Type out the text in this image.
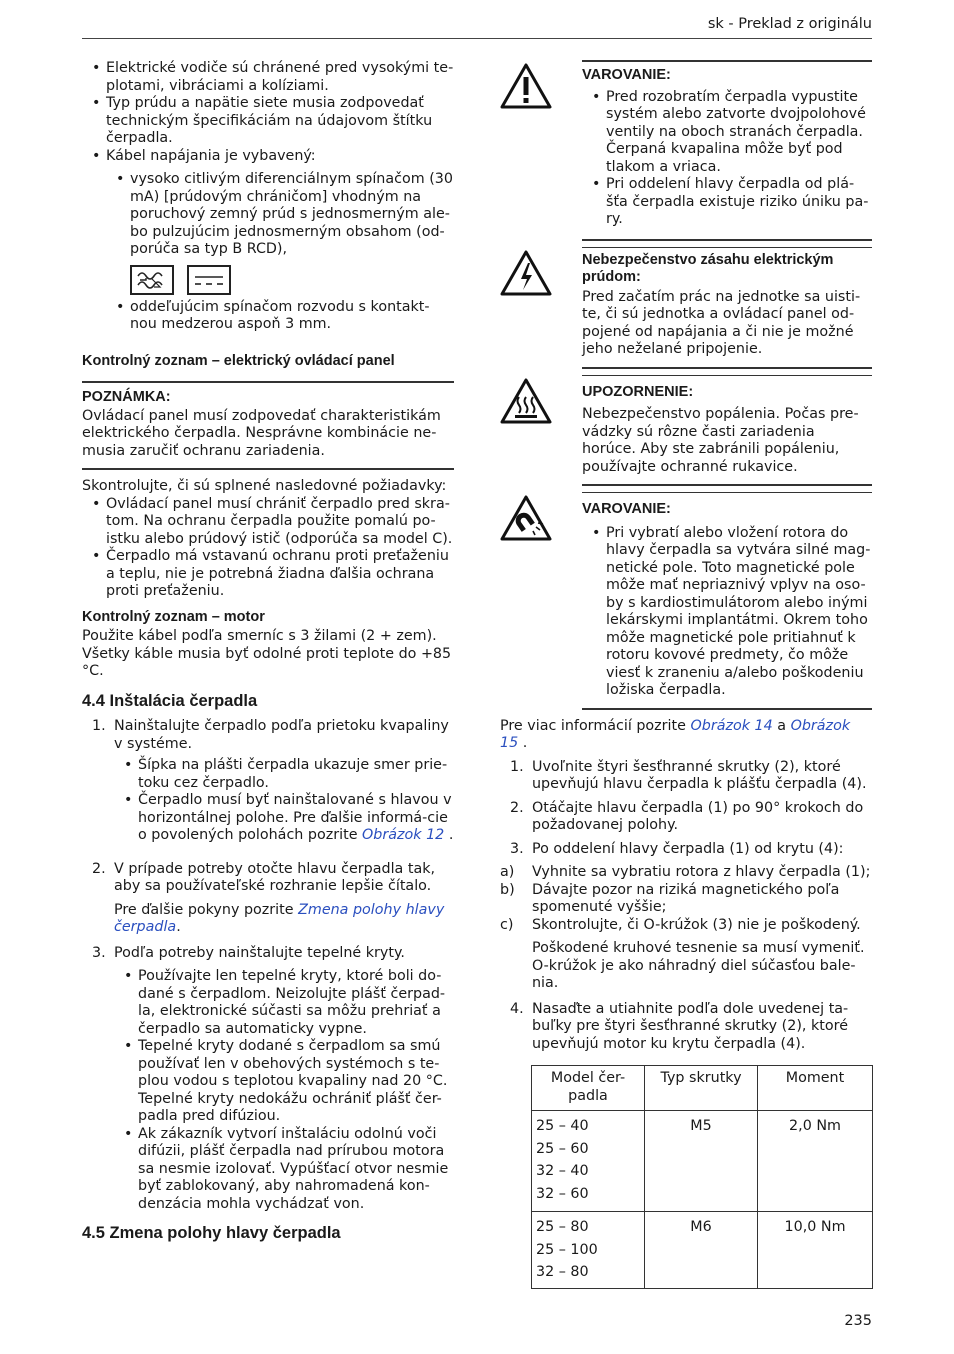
sk - Preklad z originálu
• Elektrické vodiče sú chránené pred vysokými te-plotami, vibráciami a kolíziami.
• Typ prúdu a napätie siete musia zodpovedať technickým špecifikáciám na údajovom štítku čerpadla.
• Kábel napájania je vybavený:
• vysoko citlivým diferenciálnym spínačom (30 mA) [prúdovým chráničom] vhodným na poruchový zemný prúd s jednosmerným ale-bo pulzujúcim jednosmerným obsahom (od-porúča sa typ B RCD),

• oddeľujúcim spínačom rozvodu s kontakt-nou medzerou aspoň 3 mm.

Kontrolný zoznam – elektrický ovládací panel

POZNÁMKA:

Ovládací panel musí zodpovedať charakteristikám elektrického čerpadla. Nesprávne kombinácie ne-musia zaručiť ochranu zariadenia.

Skontrolujte, či sú splnené nasledovné požiadavky:

• Ovládací panel musí chrániť čerpadlo pred skra-tom. Na ochranu čerpadla použite pomalú po-istku alebo prúdový istič (odporúča sa model C).
• Čerpadlo má vstavanú ochranu proti preťaženiu a teplu, nie je potrebná žiadna ďalšia ochrana proti preťaženiu.

Kontrolný zoznam – motor

Použite kábel podľa smerníc s 3 žilami (2 + zem). Všetky káble musia byť odolné proti teplote do +85 °C.

4.4 Inštalácia čerpadla

1. Nainštalujte čerpadlo podľa prietoku kvapaliny v systéme.
• Šípka na plášti čerpadla ukazuje smer prie-toku cez čerpadlo.
• Čerpadlo musí byť nainštalované s hlavou v horizontálnej polohe. Pre ďalšie informá-cie o povolených polohách pozrite Obrázok 12 .
2. V prípade potreby otočte hlavu čerpadla tak, aby sa používateľské rozhranie lepšie čítalo.

Pre ďalšie pokyny pozrite Zmena polohy hlavy čerpadla.

3. Podľa potreby nainštalujte tepelné kryty.
• Používajte len tepelné kryty, ktoré boli do-dané s čerpadlom. Neizolujte plášť čerpad-la, elektronické súčasti sa môžu prehriať a čerpadlo sa automaticky vypne.
• Tepelné kryty dodané s čerpadlom sa smú používať len v obehových systémoch s te-plou vodou s teplotou kvapaliny nad 20 °C. Tepelné kryty nedokážu ochrániť plášť čer-padla pred difúziou.
• Ak zákazník vytvorí inštaláciu odolnú voči difúzii, plášť čerpadla nad prírubou motora sa nesmie izolovať. Vypúšťací otvor nesmie byť zablokovaný, aby nahromadená kon-denzácia mohla vychádzať von.

4.5 Zmena polohy hlavy čerpadla

VAROVANIE:

• Pred rozobratím čerpadla vypustite systém alebo zatvorte dvojpolohové ventily na oboch stranách čerpadla. Čerpaná kvapalina môže byť pod tlakom a vriaca.
• Pri oddelení hlavy čerpadla od plá-šťa čerpadla existuje riziko úniku pa-ry.

Nebezpečenstvo zásahu elektrickým prúdom:

Pred začatím prác na jednotke sa uisti-te, či sú jednotka a ovládací panel od-pojené od napájania a či nie je možné jeho neželané pripojenie.

UPOZORNENIE:

Nebezpečenstvo popálenia. Počas pre-vádzky sú rôzne časti zariadenia horúce. Aby ste zabránili popáleniu, používajte ochranné rukavice.

VAROVANIE:

• Pri vybratí alebo vložení rotora do hlavy čerpadla sa vytvára silné mag-netické pole. Toto magnetické pole môže mať nepriaznivý vplyv na oso-by s kardiostimulátorom alebo inými lekárskymi implantátmi. Okrem toho môže magnetické pole pritiahnuť k rotoru kovové predmety, čo môže viesť k zraneniu a/alebo poškodeniu ložiska čerpadla.

Pre viac informácií pozrite Obrázok 14 a Obrázok 15 .

1. Uvoľnite štyri šesťhranné skrutky (2), ktoré upevňujú hlavu čerpadla k plášťu čerpadla (4).
2. Otáčajte hlavu čerpadla (1) po 90° krokoch do požadovanej polohy.
3. Po oddelení hlavy čerpadla (1) od krytu (4):
a) Vyhnite sa vybratiu rotora z hlavy čerpadla (1);
b) Dávajte pozor na riziká magnetického poľa spomenuté vyššie;
c) Skontrolujte, či O-krúžok (3) nie je poškodený.

Poškodené kruhové tesnenie sa musí vymeniť. O-krúžok je ako náhradný diel súčasťou bale-nia.

4. Nasaďte a utiahnite podľa dole uvedenej ta-buľky pre štyri šesťhranné skrutky (2), ktoré upevňujú motor ku krytu čerpadla (4).
Model čer-padla	Typ skrutky	Moment

25 – 40
25 – 60
32 – 40
32 – 60	M5	2,0 Nm

25 – 80
25 – 100
32 – 80	M6	10,0 Nm
235
